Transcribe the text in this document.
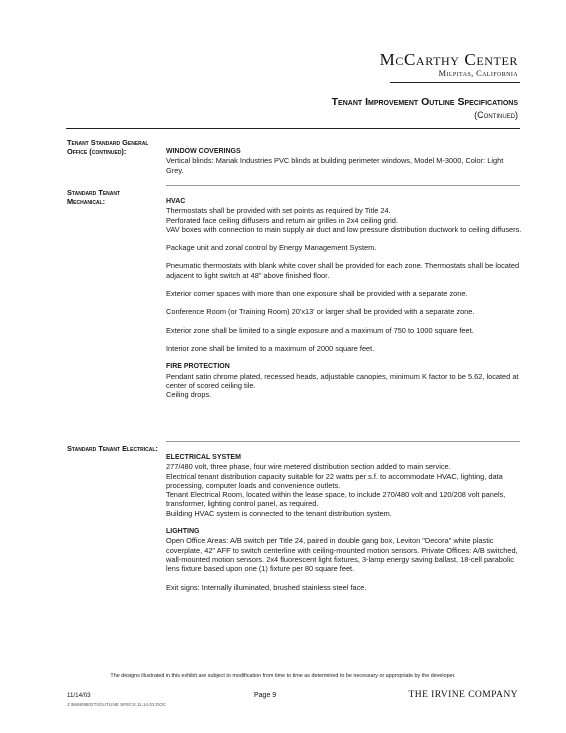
McCarthy Center
Milpitas, California
Tenant Improvement Outline Specifications
(Continued)
Tenant Standard General
Office (continued):	WINDOW COVERINGS

Vertical blinds: Mariak Industries PVC blinds at building perimeter windows, Model M-3000, Color: Light Grey.

Standard Tenant
Mechanical:	HVAC

Thermostats shall be provided with set points as required by Title 24.

Perforated face ceiling diffusers and return air grilles in 2x4 ceiling grid.

VAV boxes with connection to main supply air duct and low pressure distribution ductwork to ceiling diffusers.

Package unit and zonal control by Energy Management System.

Pneumatic thermostats with blank white cover shall be provided for each zone. Thermostats shall be located adjacent to light switch at 48" above finished floor.

Exterior corner spaces with more than one exposure shall be provided with a separate zone.

Conference Room (or Training Room) 20'x13' or larger shall be provided with a separate zone.

Exterior zone shall be limited to a single exposure and a maximum of 750 to 1000 square feet.

Interior zone shall be limited to a maximum of 2000 square feet.

FIRE PROTECTION

Pendant satin chrome plated, recessed heads, adjustable canopies, minimum K factor to be 5.62, located at center of scored ceiling tile.

Ceiling drops.

Standard Tenant Electrical:

ELECTRICAL SYSTEM

277/480 volt, three phase, four wire metered distribution section added to main service.

Electrical tenant distribution capacity suitable for 22 watts per s.f. to accommodate HVAC, lighting, data processing, computer loads and convenience outlets.

Tenant Electrical Room, located within the lease space, to include 270/480 volt and 120/208 volt panels, transformer, lighting control panel, as required.

Building HVAC system is connected to the tenant distribution system.

LIGHTING

Open Office Areas: A/B switch per Title 24, paired in double gang box, Leviton "Decora" white plastic coverplate, 42" AFF to switch centerline with ceiling-mounted motion sensors. Private Offices: A/B switched, wall-mounted motion sensors. 2x4 fluorescent light fixtures, 3-lamp energy saving ballast, 18-cell parabolic lens fixture based upon one (1) fixture per 80 square feet.

Exit signs: Internally illuminated, brushed stainless steel face.

The designs illustrated in this exhibit are subject to modification from time to time as determined to be necessary or appropriate by the developer.
11/14/03
J:\5668\9802TI\OUTLINE SPECS 11.14.03.DOC
Page 9	THE IRVINE COMPANY
